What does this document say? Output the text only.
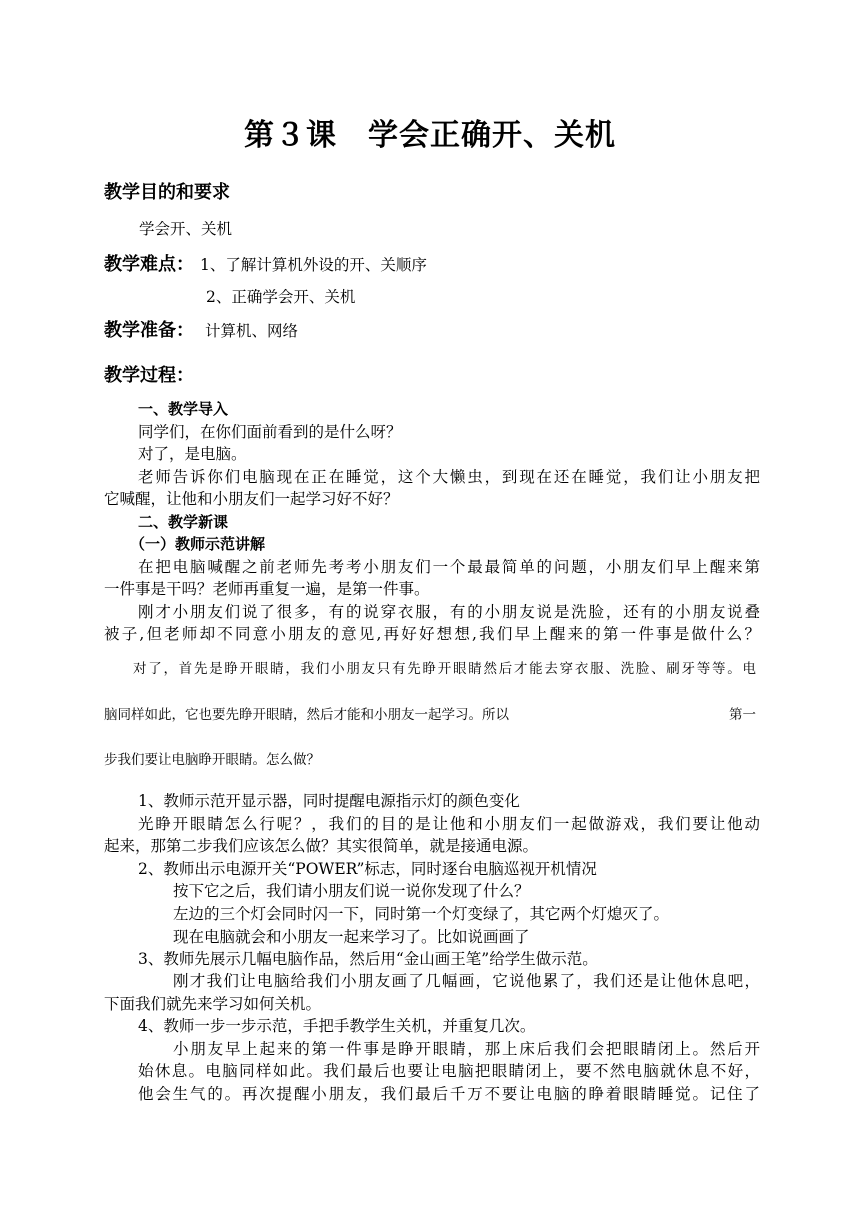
第３课　学会正确开、关机
教学目的和要求
学会开、关机
教学难点： 1、了解计算机外设的开、关顺序
2、正确学会开、关机
教学准备： 计算机、网络
教学过程：
一、教学导入
同学们，在你们面前看到的是什么呀？
对了，是电脑。
老师告诉你们电脑现在正在睡觉，这个大懒虫，到现在还在睡觉，我们让小朋友把
它喊醒，让他和小朋友们一起学习好不好？
二、教学新课
（一）教师示范讲解
在把电脑喊醒之前老师先考考小朋友们一个最最简单的问题，小朋友们早上醒来第
一件事是干吗？老师再重复一遍，是第一件事。
刚才小朋友们说了很多，有的说穿衣服，有的小朋友说是洗脸，还有的小朋友说叠
被子,但老师却不同意小朋友的意见,再好好想想,我们早上醒来的第一件事是做什么？
对了，首先是睁开眼睛，我们小朋友只有先睁开眼睛然后才能去穿衣服、洗脸、刷牙等等。电
脑同样如此，它也要先睁开眼睛，然后才能和小朋友一起学习。所以	第一
步我们要让电脑睁开眼睛。怎么做？
1、教师示范开显示器，同时提醒电源指示灯的颜色变化
光睁开眼睛怎么行呢？，我们的目的是让他和小朋友们一起做游戏，我们要让他动
起来，那第二步我们应该怎么做？其实很简单，就是接通电源。
2、教师出示电源开关“POWER”标志，同时逐台电脑巡视开机情况
按下它之后，我们请小朋友们说一说你发现了什么？
左边的三个灯会同时闪一下，同时第一个灯变绿了，其它两个灯熄灭了。
现在电脑就会和小朋友一起来学习了。比如说画画了
3、教师先展示几幅电脑作品，然后用“金山画王笔”给学生做示范。
刚才我们让电脑给我们小朋友画了几幅画，它说他累了，我们还是让他休息吧，
下面我们就先来学习如何关机。
4、教师一步一步示范，手把手教学生关机，并重复几次。
小朋友早上起来的第一件事是睁开眼睛，那上床后我们会把眼睛闭上。然后开
始休息。电脑同样如此。我们最后也要让电脑把眼睛闭上，要不然电脑就休息不好，
他会生气的。再次提醒小朋友，我们最后千万不要让电脑的睁着眼睛睡觉。记住了
